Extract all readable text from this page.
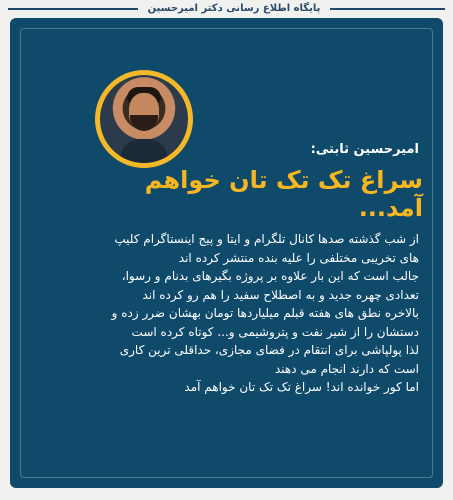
پایگاه اطلاع رسانی دکتر امیرحسین
امیرحسین ثابتی:
سراغ تک تک تان خواهم آمد...
از شب گذشته صدها کانال تلگرام و ایتا و پیج اینستاگرام کلیپ
های تخریبی مختلفی را علیه بنده منتشر کرده اند
جالب است که این بار علاوه بر پروژه بگیرهای بدنام و رسوا،
تعدادی چهره جدید و به اصطلاح سفید را هم رو کرده اند
بالاخره نطق های هفته قبلم میلیاردها تومان بهشان ضرر زده و
دستشان را از شیر نفت و پتروشیمی و... کوتاه کرده است
لذا پولپاشی برای انتقام در فضای مجازی، حداقلی ترین کاری
است که دارند انجام می دهند
اما کور خوانده اند! سراغ تک تک تان خواهم آمد
